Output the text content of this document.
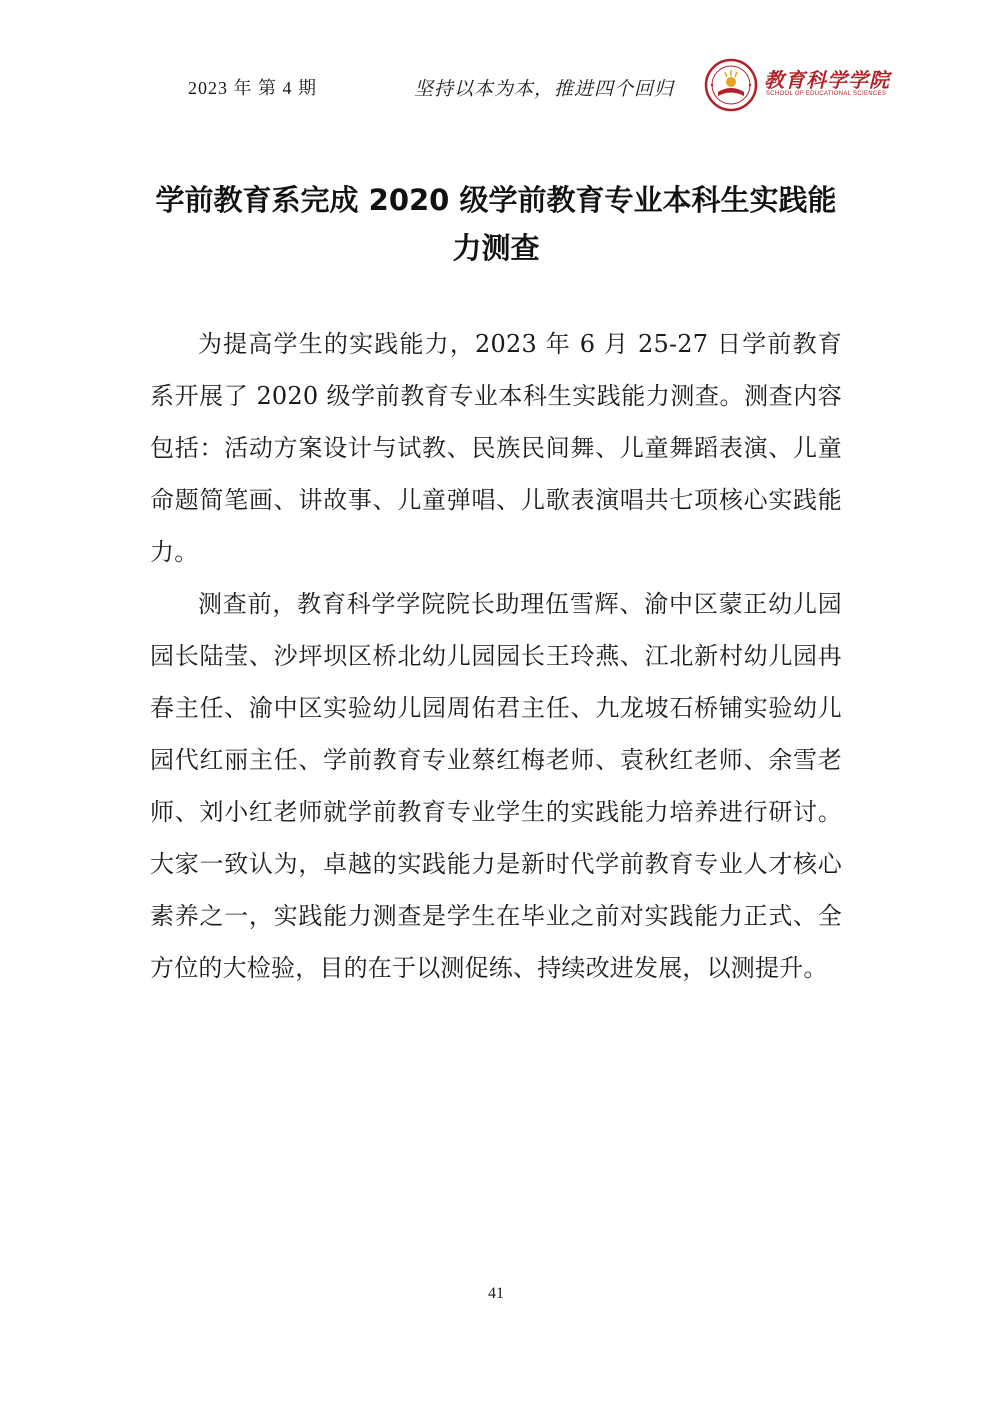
2023 年 第 4 期	坚持以本为本，推进四个回归	教育科学学院
SCHOOL OF EDUCATIONAL SCIENCES
学前教育系完成 2020 级学前教育专业本科生实践能力测查

为提高学生的实践能力，2023 年 6 月 25-27 日学前教育系开展了 2020 级学前教育专业本科生实践能力测查。测查内容包括：活动方案设计与试教、民族民间舞、儿童舞蹈表演、儿童命题简笔画、讲故事、儿童弹唱、儿歌表演唱共七项核心实践能力。

测查前，教育科学学院院长助理伍雪辉、渝中区蒙正幼儿园园长陆莹、沙坪坝区桥北幼儿园园长王玲燕、江北新村幼儿园冉春主任、渝中区实验幼儿园周佑君主任、九龙坡石桥铺实验幼儿园代红丽主任、学前教育专业蔡红梅老师、袁秋红老师、余雪老师、刘小红老师就学前教育专业学生的实践能力培养进行研讨。大家一致认为，卓越的实践能力是新时代学前教育专业人才核心素养之一，实践能力测查是学生在毕业之前对实践能力正式、全方位的大检验，目的在于以测促练、持续改进发展，以测提升。

41
